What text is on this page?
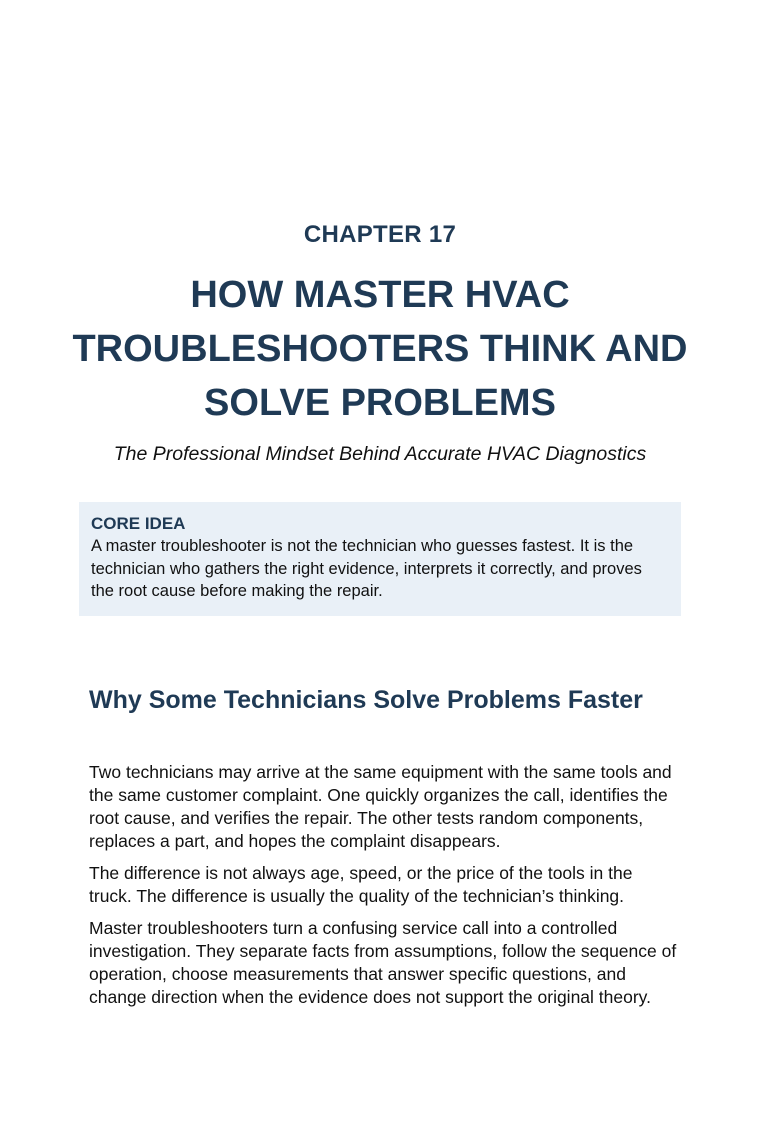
CHAPTER 17
HOW MASTER HVAC TROUBLESHOOTERS THINK AND SOLVE PROBLEMS
The Professional Mindset Behind Accurate HVAC Diagnostics
CORE IDEA
A master troubleshooter is not the technician who guesses fastest. It is the technician who gathers the right evidence, interprets it correctly, and proves the root cause before making the repair.
Why Some Technicians Solve Problems Faster

Two technicians may arrive at the same equipment with the same tools and the same customer complaint. One quickly organizes the call, identifies the root cause, and verifies the repair. The other tests random components, replaces a part, and hopes the complaint disappears.

The difference is not always age, speed, or the price of the tools in the truck. The difference is usually the quality of the technician’s thinking.

Master troubleshooters turn a confusing service call into a controlled investigation. They separate facts from assumptions, follow the sequence of operation, choose measurements that answer specific questions, and change direction when the evidence does not support the original theory.
